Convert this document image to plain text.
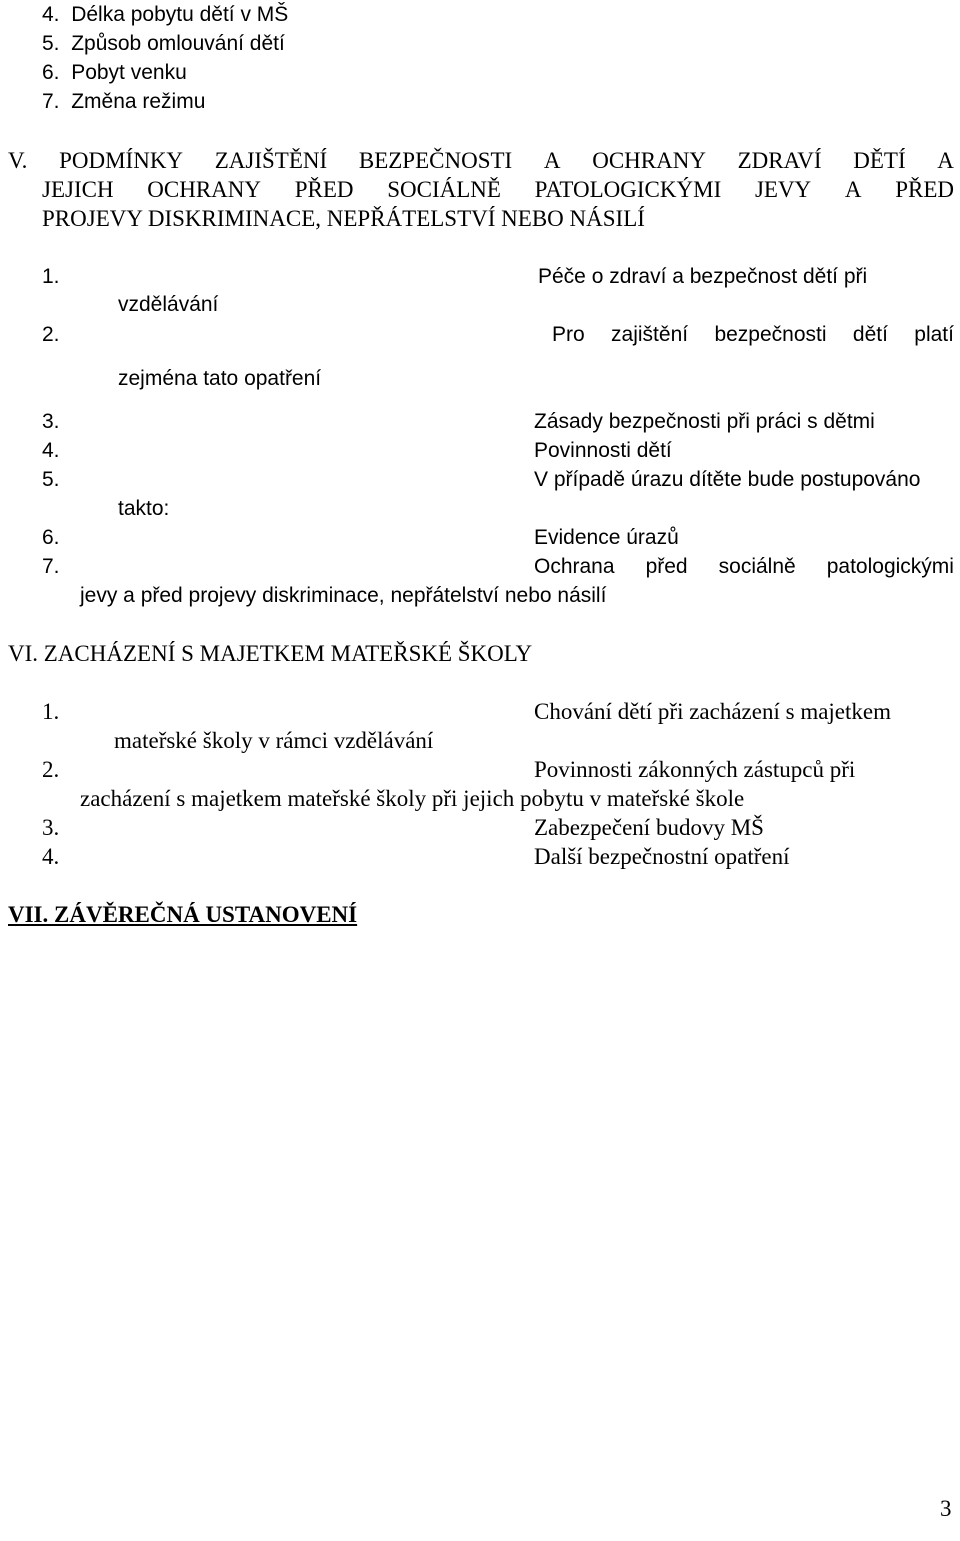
4. Délka pobytu dětí v MŠ
5. Způsob omlouvání dětí
6. Pobyt venku
7. Změna režimu
V. PODMÍNKY ZAJIŠTĚNÍ BEZPEČNOSTI A OCHRANY ZDRAVÍ DĚTÍ A
JEJICH OCHRANY PŘED SOCIÁLNĚ PATOLOGICKÝMI JEVY A PŘED
PROJEVY DISKRIMINACE, NEPŘÁTELSTVÍ NEBO NÁSILÍ
1.	Péče o zdraví a bezpečnost dětí při
vzdělávání
2.	Pro zajištění bezpečnosti dětí platí
zejména tato opatření
3.	Zásady bezpečnosti při práci s dětmi
4.	Povinnosti dětí
5.	V případě úrazu dítěte bude postupováno
takto:
6.	Evidence úrazů
7.	Ochrana před sociálně patologickými
jevy a před projevy diskriminace, nepřátelství nebo násilí
VI. ZACHÁZENÍ S MAJETKEM MATEŘSKÉ ŠKOLY
1.	Chování dětí při zacházení s majetkem
mateřské školy v rámci vzdělávání
2.	Povinnosti zákonných zástupců při
zacházení s majetkem mateřské školy při jejich pobytu v mateřské škole
3.	Zabezpečení budovy MŠ
4.	Další bezpečnostní opatření
VII. ZÁVĚREČNÁ USTANOVENÍ
3
